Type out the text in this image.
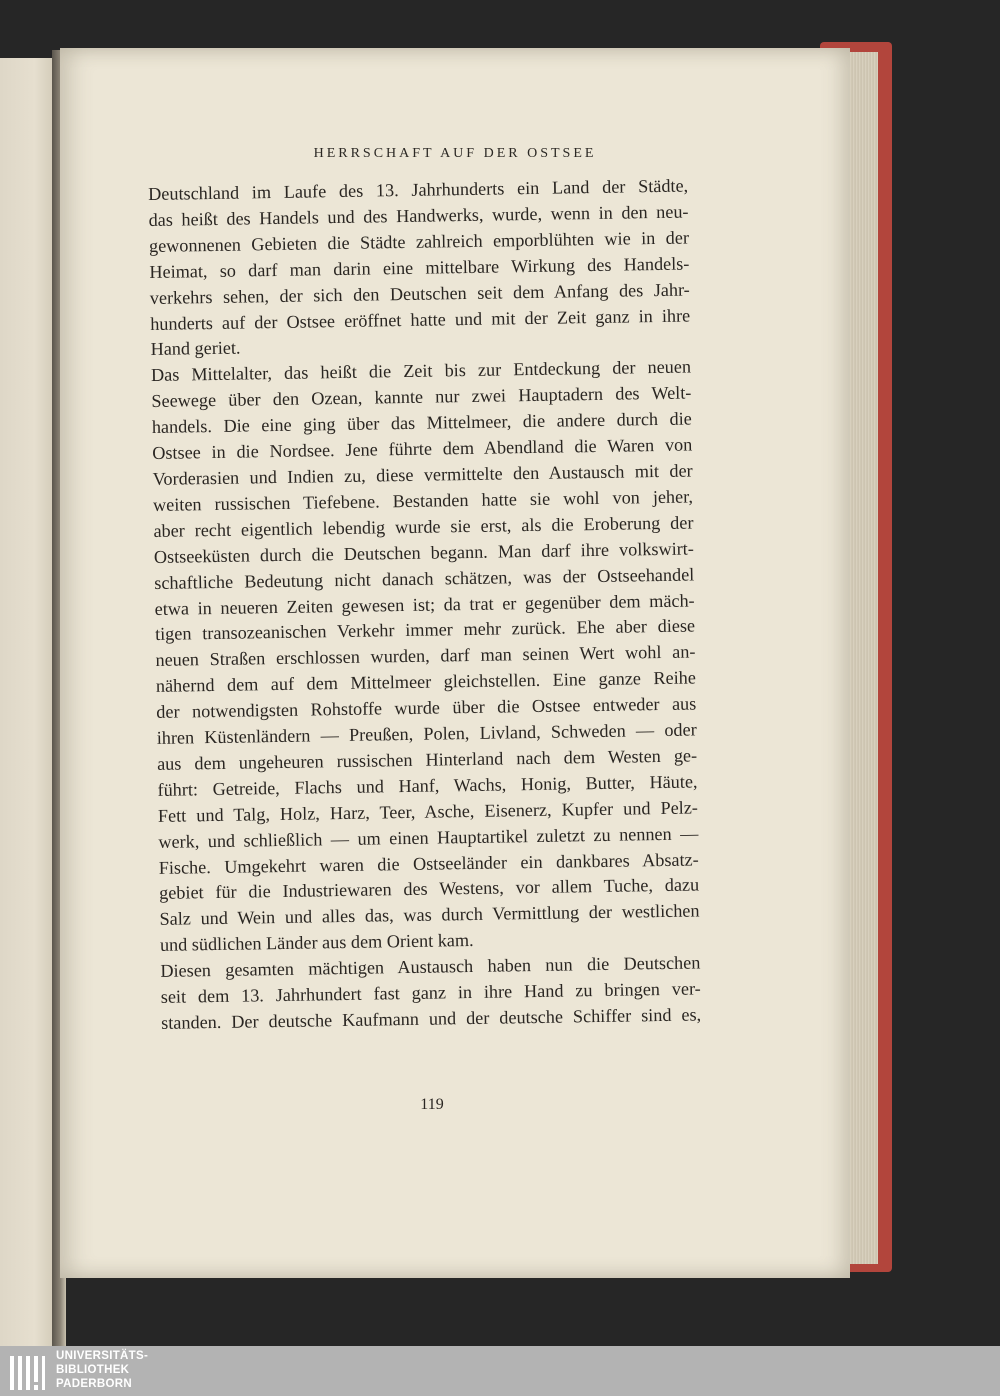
HERRSCHAFT AUF DER OSTSEE
Deutschland im Laufe des 13. Jahrhunderts ein Land der Städte,
das heißt des Handels und des Handwerks, wurde, wenn in den neu-
gewonnenen Gebieten die Städte zahlreich emporblühten wie in der
Heimat, so darf man darin eine mittelbare Wirkung des Handels-
verkehrs sehen, der sich den Deutschen seit dem Anfang des Jahr-
hunderts auf der Ostsee eröffnet hatte und mit der Zeit ganz in ihre
Hand geriet.
Das Mittelalter, das heißt die Zeit bis zur Entdeckung der neuen
Seewege über den Ozean, kannte nur zwei Hauptadern des Welt-
handels. Die eine ging über das Mittelmeer, die andere durch die
Ostsee in die Nordsee. Jene führte dem Abendland die Waren von
Vorderasien und Indien zu, diese vermittelte den Austausch mit der
weiten russischen Tiefebene. Bestanden hatte sie wohl von jeher,
aber recht eigentlich lebendig wurde sie erst, als die Eroberung der
Ostseeküsten durch die Deutschen begann. Man darf ihre volkswirt-
schaftliche Bedeutung nicht danach schätzen, was der Ostseehandel
etwa in neueren Zeiten gewesen ist; da trat er gegenüber dem mäch-
tigen transozeanischen Verkehr immer mehr zurück. Ehe aber diese
neuen Straßen erschlossen wurden, darf man seinen Wert wohl an-
nähernd dem auf dem Mittelmeer gleichstellen. Eine ganze Reihe
der notwendigsten Rohstoffe wurde über die Ostsee entweder aus
ihren Küstenländern — Preußen, Polen, Livland, Schweden — oder
aus dem ungeheuren russischen Hinterland nach dem Westen ge-
führt: Getreide, Flachs und Hanf, Wachs, Honig, Butter, Häute,
Fett und Talg, Holz, Harz, Teer, Asche, Eisenerz, Kupfer und Pelz-
werk, und schließlich — um einen Hauptartikel zuletzt zu nennen —
Fische. Umgekehrt waren die Ostseeländer ein dankbares Absatz-
gebiet für die Industriewaren des Westens, vor allem Tuche, dazu
Salz und Wein und alles das, was durch Vermittlung der westlichen
und südlichen Länder aus dem Orient kam.
Diesen gesamten mächtigen Austausch haben nun die Deutschen
seit dem 13. Jahrhundert fast ganz in ihre Hand zu bringen ver-
standen. Der deutsche Kaufmann und der deutsche Schiffer sind es,
119
UNIVERSITÄTS-
BIBLIOTHEK
PADERBORN
